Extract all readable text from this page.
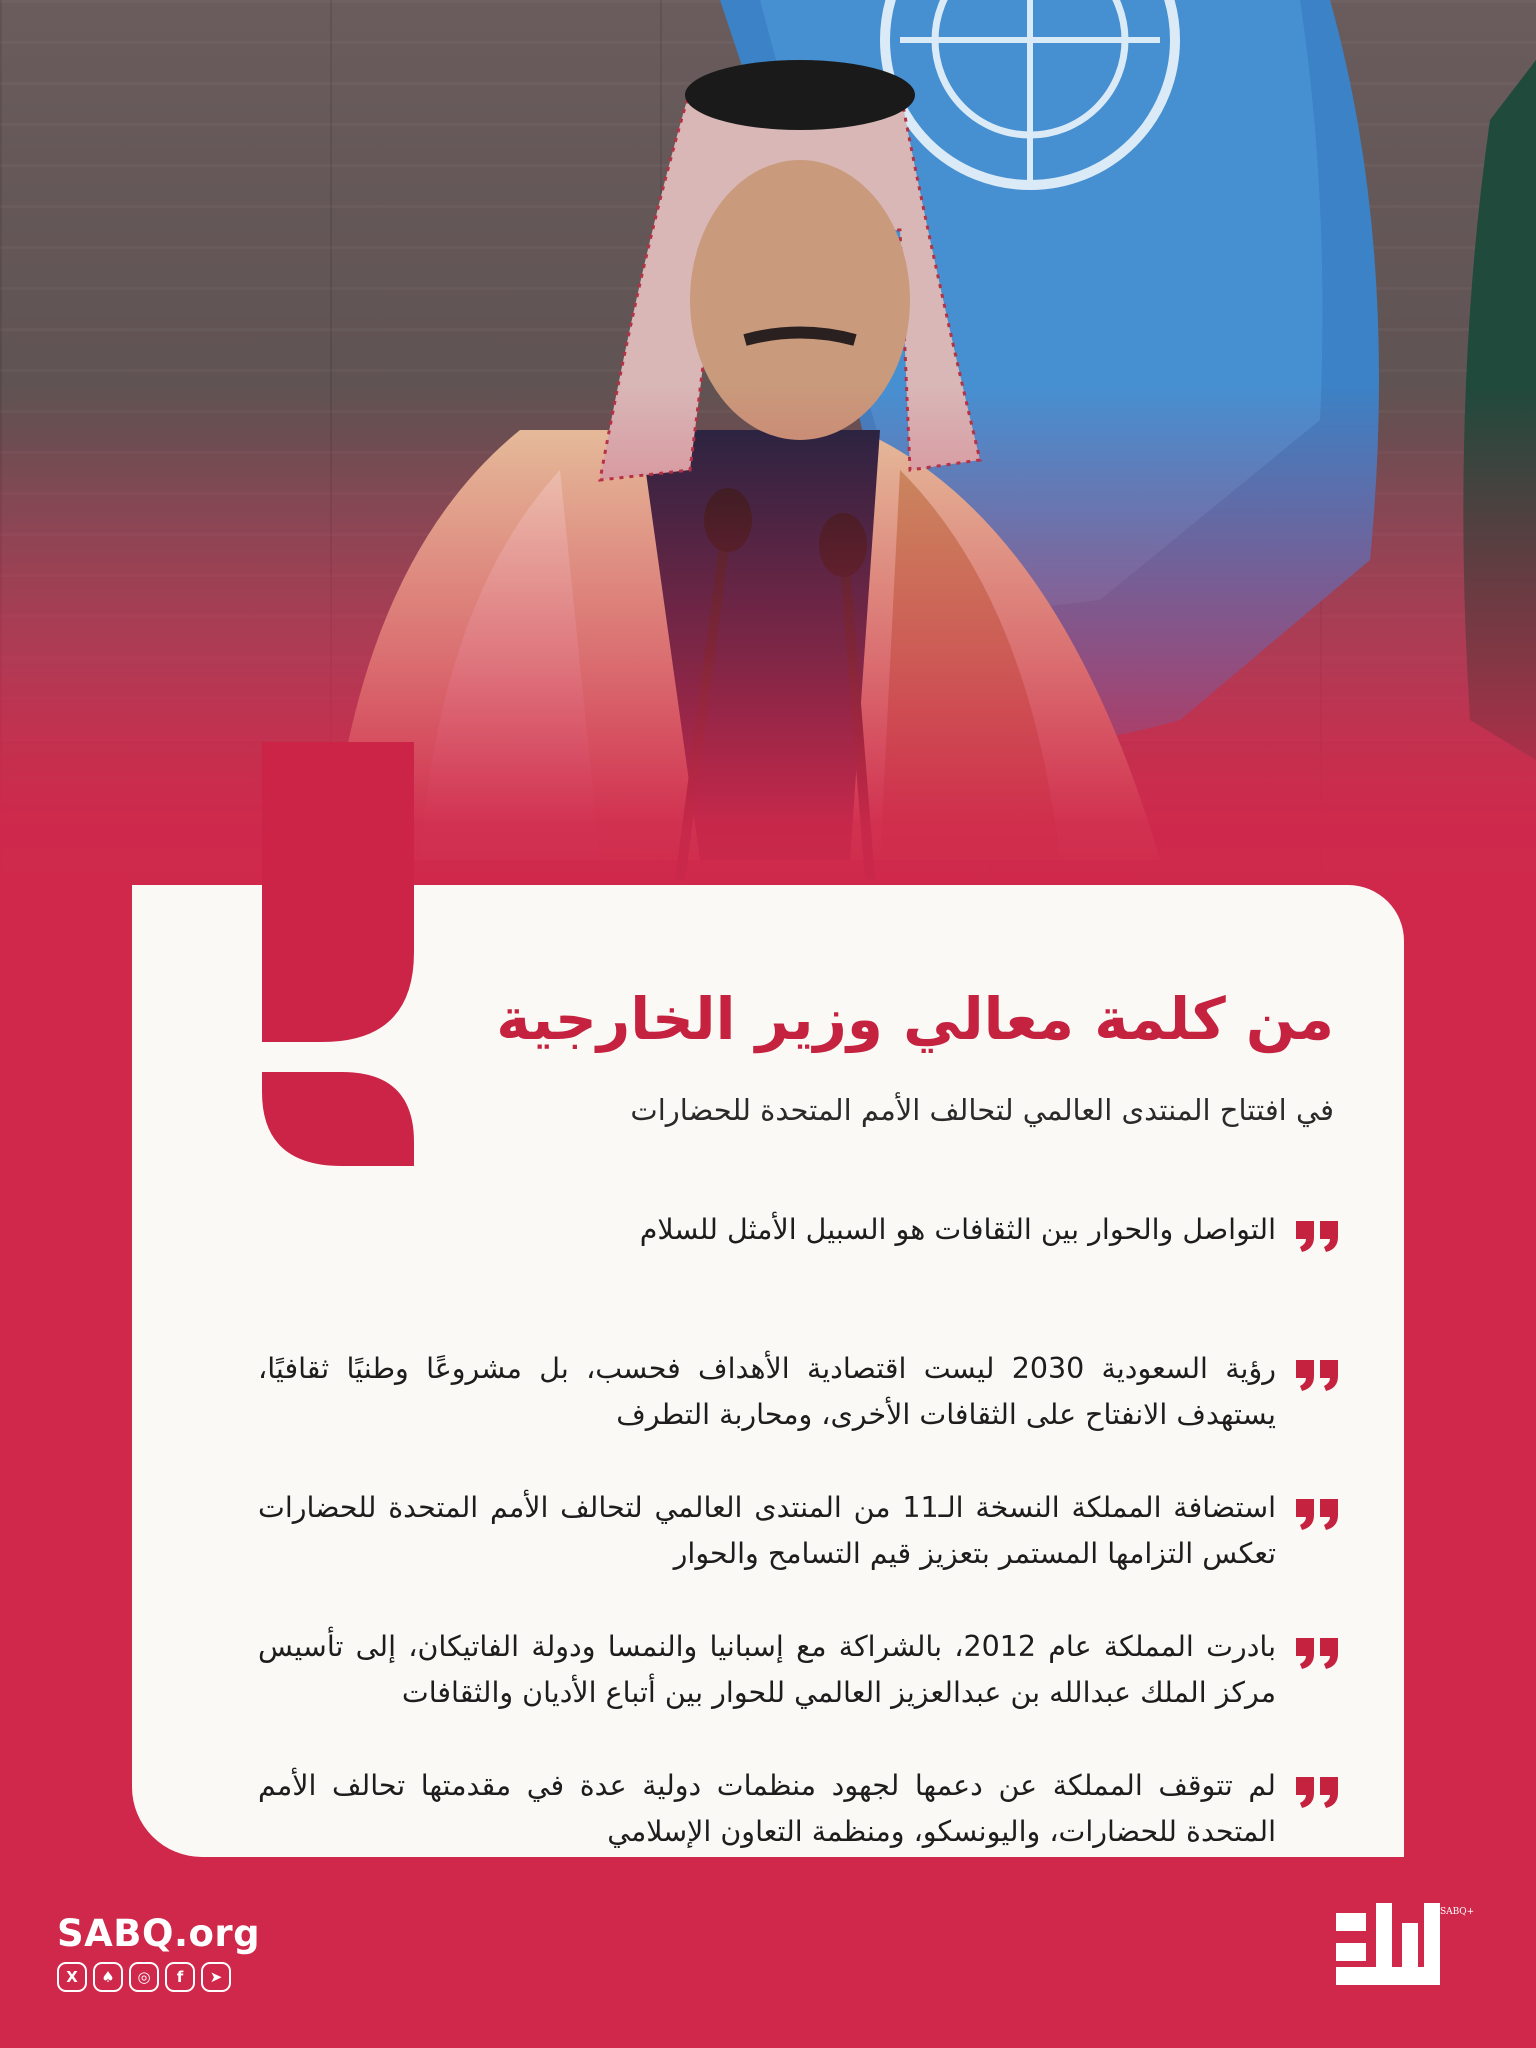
من كلمة معالي وزير الخارجية

في افتتاح المنتدى العالمي لتحالف الأمم المتحدة للحضارات

التواصل والحوار بين الثقافات هو السبيل الأمثل للسلام
رؤية السعودية 2030 ليست اقتصادية الأهداف فحسب، بل مشروعًا وطنيًا ثقافيًا، يستهدف الانفتاح على الثقافات الأخرى، ومحاربة التطرف
استضافة المملكة النسخة الـ11 من المنتدى العالمي لتحالف الأمم المتحدة للحضارات تعكس التزامها المستمر بتعزيز قيم التسامح والحوار
بادرت المملكة عام 2012، بالشراكة مع إسبانيا والنمسا ودولة الفاتيكان، إلى تأسيس مركز الملك عبدالله بن عبدالعزيز العالمي للحوار بين أتباع الأديان والثقافات
لم تتوقف المملكة عن دعمها لجهود منظمات دولية عدة في مقدمتها تحالف الأمم المتحدة للحضارات، واليونسكو، ومنظمة التعاون الإسلامي
SABQ.org
X	♠	◎	f	➤

SABQ+
